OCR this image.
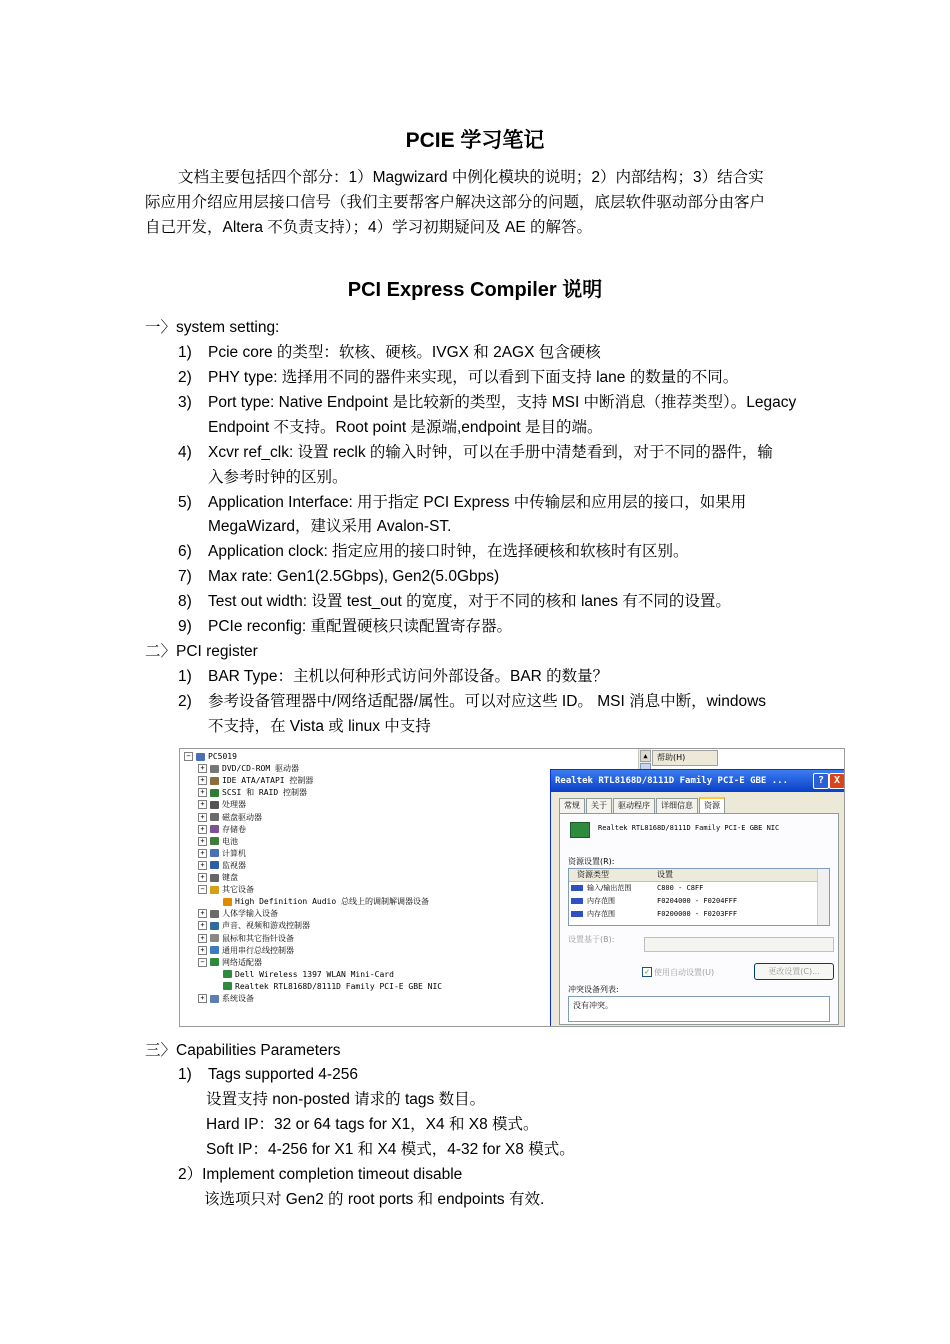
PCIE 学习笔记
文档主要包括四个部分：1）Magwizard 中例化模块的说明；2）内部结构；3）结合实
际应用介绍应用层接口信号（我们主要帮客户解决这部分的问题，底层软件驱动部分由客户
自己开发，Altera 不负责支持）；4）学习初期疑问及 AE 的解答。
PCI Express Compiler 说明
一〉system setting:
1) Pcie core 的类型：软核、硬核。IVGX 和 2AGX 包含硬核
2) PHY type: 选择用不同的器件来实现，可以看到下面支持 lane 的数量的不同。
3) Port type: Native Endpoint 是比较新的类型，支持 MSI 中断消息（推荐类型）。Legacy
Endpoint 不支持。Root point 是源端,endpoint 是目的端。
4) Xcvr ref_clk: 设置 reclk 的输入时钟，可以在手册中清楚看到，对于不同的器件，输
入参考时钟的区别。
5) Application Interface: 用于指定 PCI Express 中传输层和应用层的接口，如果用
MegaWizard，建议采用 Avalon-ST.
6) Application clock: 指定应用的接口时钟，在选择硬核和软核时有区别。
7) Max rate: Gen1(2.5Gbps), Gen2(5.0Gbps)
8) Test out width: 设置 test_out 的宽度，对于不同的核和 lanes 有不同的设置。
9) PCIe reconfig: 重配置硬核只读配置寄存器。
二〉PCI register
1) BAR Type：主机以何种形式访问外部设备。BAR 的数量？
2) 参考设备管理器中/网络适配器/属性。可以对应这些 ID。 MSI 消息中断，windows
不支持，在 Vista 或 linux 中支持
− PC5019
+ DVD/CD-ROM 驱动器
+ IDE ATA/ATAPI 控制器
+ SCSI 和 RAID 控制器
+ 处理器
+ 磁盘驱动器
+ 存储卷
+ 电池
+ 计算机
+ 监视器
+ 键盘
− 其它设备
High Definition Audio 总线上的调制解调器设备
+ 人体学输入设备
+ 声音、视频和游戏控制器
+ 鼠标和其它指针设备
+ 通用串行总线控制器
− 网络适配器
Dell Wireless 1397 WLAN Mini-Card
Realtek RTL8168D/8111D Family PCI-E GBE NIC
+ 系统设备
▲	帮助(H)
Realtek RTL8168D/8111D Family PCI-E GBE ...	? X
常规 关于 驱动程序 详细信息 资源
Realtek RTL8168D/8111D Family PCI-E GBE NIC
资源设置(R):
资源类型	设置
输入/输出范围	C800 - C8FF
内存范围	F0204000 - F0204FFF
内存范围	F0200000 - F0203FFF
设置基于(B):
✓ 使用自动设置(U)	更改设置(C)...
冲突设备列表:
没有冲突。
三〉Capabilities Parameters
1) Tags supported 4-256
设置支持 non-posted 请求的 tags 数目。
Hard IP：32 or 64 tags for X1，X4 和 X8 模式。
Soft IP：4-256 for X1 和 X4 模式，4-32 for X8 模式。
2）Implement completion timeout disable
该选项只对 Gen2 的 root ports 和 endpoints 有效.
